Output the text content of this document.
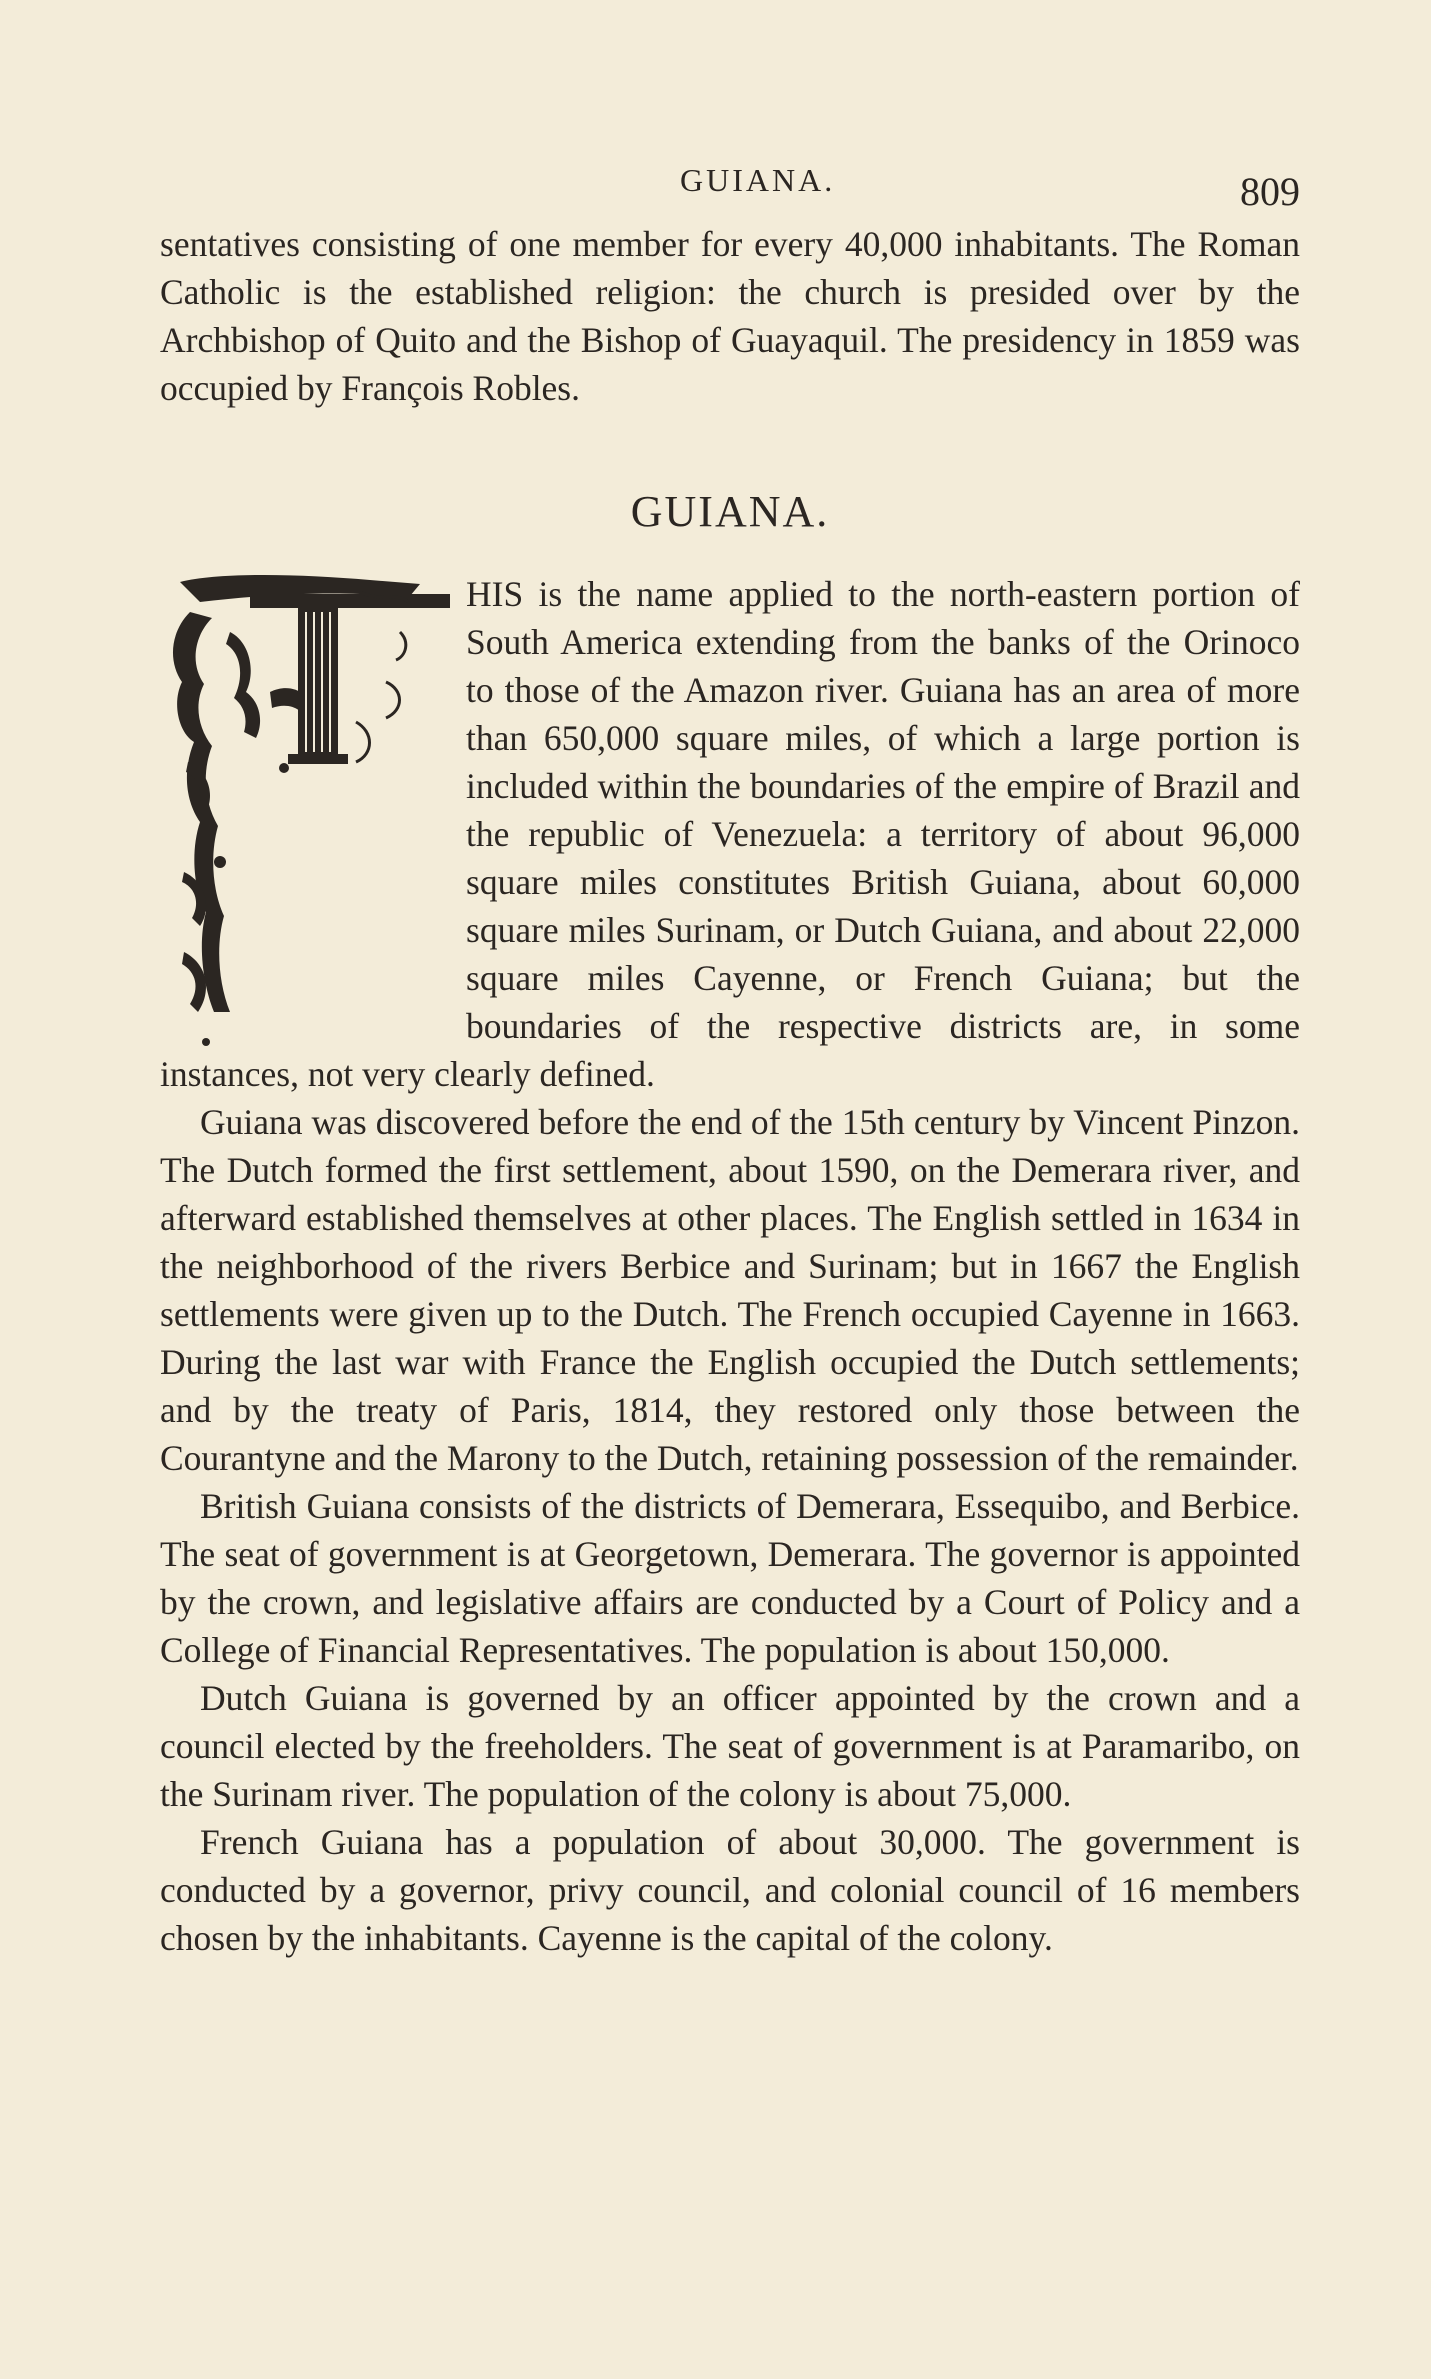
GUIANA.	809

sentatives consisting of one member for every 40,000 inhabitants. The Roman Catholic is the established religion: the church is presided over by the Archbishop of Quito and the Bishop of Guayaquil. The presidency in 1859 was occupied by François Robles.

GUIANA.

HIS is the name applied to the north-eastern portion of South America extending from the banks of the Orinoco to those of the Amazon river. Guiana has an area of more than 650,000 square miles, of which a large portion is included within the boundaries of the empire of Brazil and the republic of Venezuela: a territory of about 96,000 square miles constitutes British Guiana, about 60,000 square miles Surinam, or Dutch Guiana, and about 22,000 square miles Cayenne, or French Guiana; but the boundaries of the respective districts are, in some instances, not very clearly defined.

Guiana was discovered before the end of the 15th century by Vincent Pinzon. The Dutch formed the first settlement, about 1590, on the Demerara river, and afterward established themselves at other places. The English settled in 1634 in the neighborhood of the rivers Berbice and Surinam; but in 1667 the English settlements were given up to the Dutch. The French occupied Cayenne in 1663. During the last war with France the English occupied the Dutch settlements; and by the treaty of Paris, 1814, they restored only those between the Courantyne and the Marony to the Dutch, retaining possession of the remainder.

British Guiana consists of the districts of Demerara, Essequibo, and Berbice. The seat of government is at Georgetown, Demerara. The governor is appointed by the crown, and legislative affairs are conducted by a Court of Policy and a College of Financial Representatives. The population is about 150,000.

Dutch Guiana is governed by an officer appointed by the crown and a council elected by the freeholders. The seat of government is at Paramaribo, on the Surinam river. The population of the colony is about 75,000.

French Guiana has a population of about 30,000. The government is conducted by a governor, privy council, and colonial council of 16 members chosen by the inhabitants. Cayenne is the capital of the colony.
